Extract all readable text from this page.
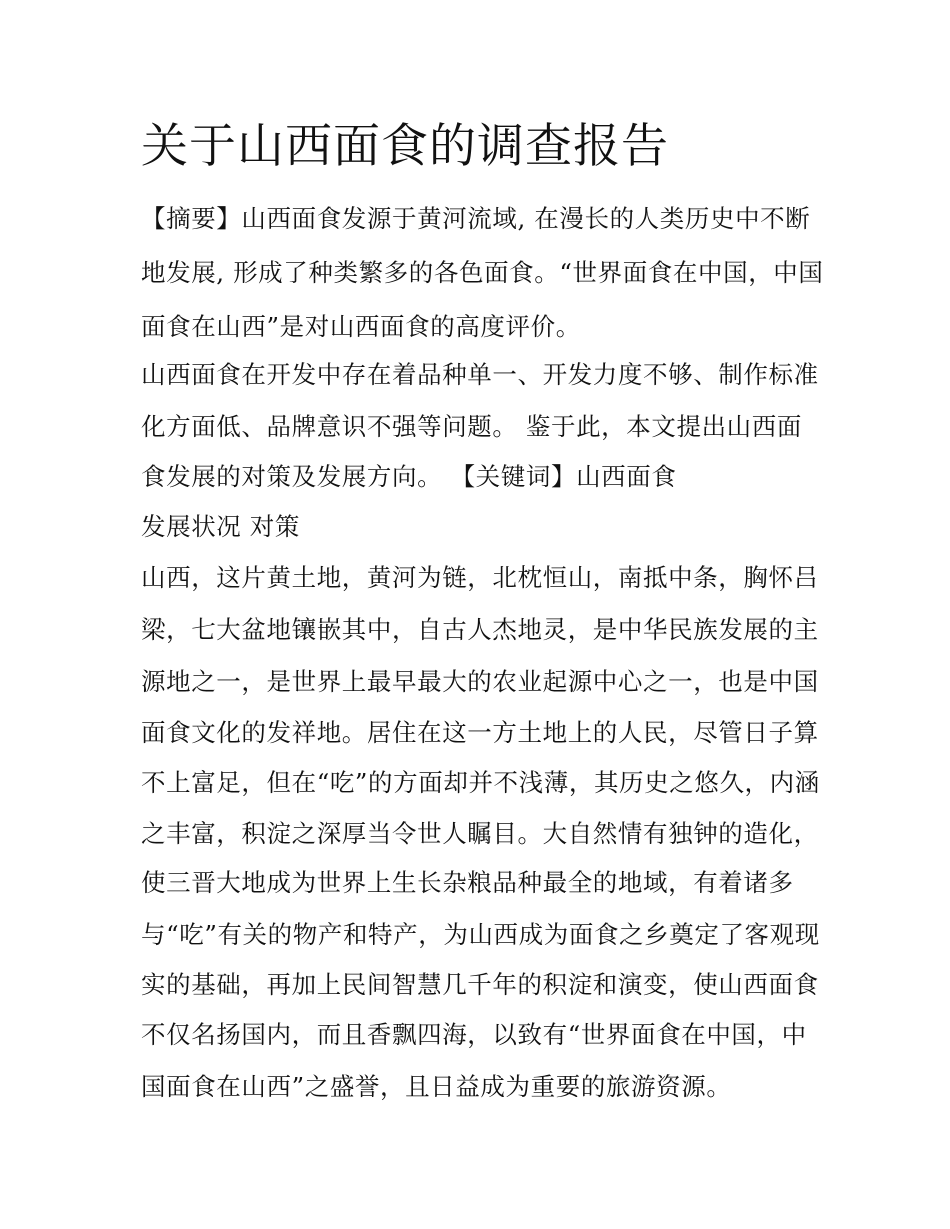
关于山西面食的调查报告

【摘要】山西面食发源于黄河流域, 在漫长的人类历史中不断

地发展, 形成了种类繁多的各色面食。“世界面食在中国，中国

面食在山西”是对山西面食的高度评价。

山西面食在开发中存在着品种单一、开发力度不够、制作标准

化方面低、品牌意识不强等问题。 鉴于此，本文提出山西面

食发展的对策及发展方向。 【关键词】山西面食

发展状况 对策

山西，这片黄土地，黄河为链，北枕恒山，南抵中条，胸怀吕

梁，七大盆地镶嵌其中，自古人杰地灵，是中华民族发展的主

源地之一，是世界上最早最大的农业起源中心之一，也是中国

面食文化的发祥地。居住在这一方土地上的人民，尽管日子算

不上富足，但在“吃”的方面却并不浅薄，其历史之悠久，内涵

之丰富，积淀之深厚当令世人瞩目。大自然情有独钟的造化，

使三晋大地成为世界上生长杂粮品种最全的地域，有着诸多

与“吃”有关的物产和特产，为山西成为面食之乡奠定了客观现

实的基础，再加上民间智慧几千年的积淀和演变，使山西面食

不仅名扬国内，而且香飘四海，以致有“世界面食在中国，中

国面食在山西”之盛誉，且日益成为重要的旅游资源。
